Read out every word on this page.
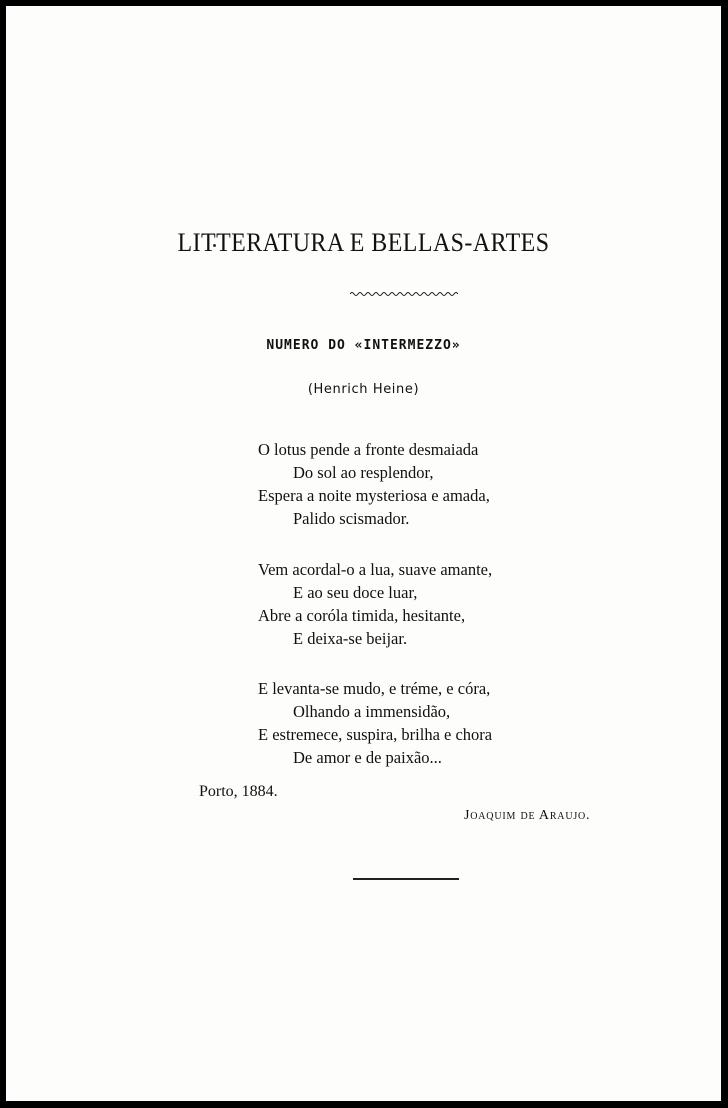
LITTERATURA E BELLAS-ARTES
NUMERO DO «INTERMEZZO»
(Henrich Heine)
O lotus pende a fronte desmaiada
Do sol ao resplendor,
Espera a noite mysteriosa e amada,
Palido scismador.
Vem acordal-o a lua, suave amante,
E ao seu doce luar,
Abre a coróla timida, hesitante,
E deixa-se beijar.
E levanta-se mudo, e tréme, e córa,
Olhando a immensidão,
E estremece, suspira, brilha e chora
De amor e de paixão...
Porto, 1884.
Joaquim de Araujo.
